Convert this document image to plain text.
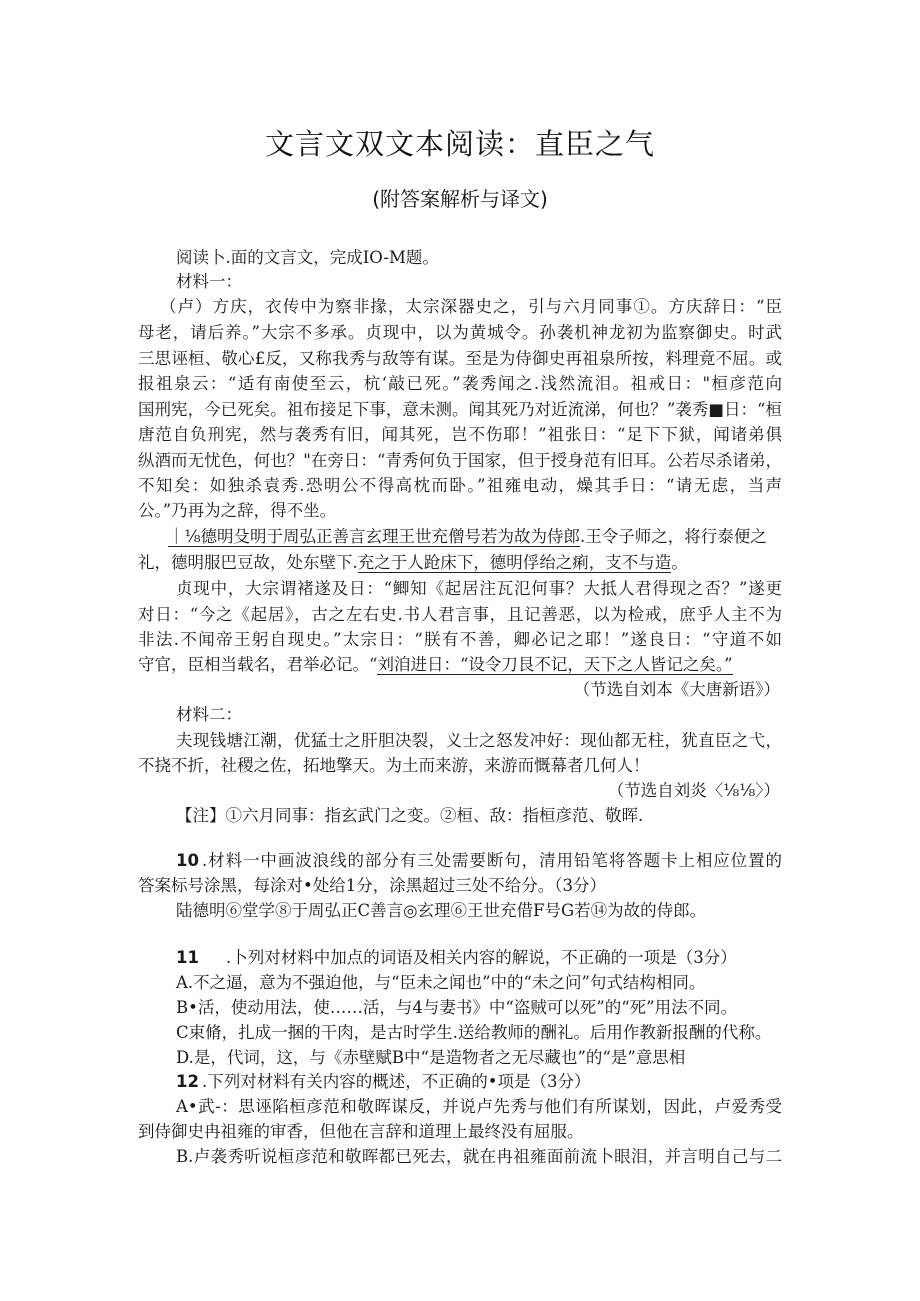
文言文双文本阅读：直臣之气
(附答案解析与译文)
阅读卜.面的文言文，完成IO-M题。
材料一：
（卢）方庆，衣传中为察非掾，太宗深器史之，引与六月同事①。方庆辞日：“臣
母老，请后养。”大宗不多承。贞现中，以为黄城令。孙袭机神龙初为监察御史。时武
三思诬桓、敬心£反，又称我秀与敌等有谋。至是为侍御史再祖泉所按，料理竟不屈。或
报祖泉云：“适有南使至云，杭‘敲已死。”袭秀闻之.浅然流泪。祖戒日："桓彦范向
国刑宪，今已死矣。祖布接足下事，意未测。闻其死乃对近流涕，何也？”袭秀■日：“桓
唐范自负刑宪，然与袭秀有旧，闻其死，岂不伤耶！”祖张日：“足下下狱，闻诸弟俱
纵酒而无忧色，何也？"在旁日：“青秀何负于国家，但于授身范有旧耳。公若尽杀诸弟，
不知矣：如独杀袁秀.恐明公不得高枕而卧。”祖雍电动，燥其手日：“请无虑，当声
公。”乃再为之辞，得不坐。
｜⅛德明殳明于周弘正善言玄理王世充僧号若为故为侍郎.王令子师之，将行泰便之
礼，德明服巴豆故，处东壁下.充之于人跄床下，德明俘绐之痢，支不与造。
贞现中，大宗谓褚遂及日：“鲫知《起居注瓦氾何事？大抵人君得现之否？”遂更
对日：“今之《起居》，古之左右史.书人君言事，且记善恶，以为检戒，庶乎人主不为
非法.不闻帝王躬自现史。”太宗日：“朕有不善，卿必记之耶！”遂良日：“守道不如
守官，臣相当载名，君举必记。“刘洎进日：“设令刀艮不记，天下之人皆记之矣。”
（节选自刘本《大唐新语》）
材料二：
夫现钱塘江潮，优猛士之肝胆决裂，义士之怒发冲好：现仙都无柱，犹直臣之弋，
不挠不折，社稷之佐，拓地擎天。为土而来游，来游而慨幕者几何人！
（节选自刘炎〈⅛⅛〉）
【注】①六月同事：指玄武门之变。②桓、敌：指桓彦范、敬晖.
10 .材料一中画波浪线的部分有三处需要断句，清用铅笔将答题卡上相应位置的
答案标号涂黑，每涂对•处给1分，涂黑超过三处不给分。（3分）
陆德明⑥堂学⑧于周弘正C善言◎玄理⑥王世充借F号G若⑭为故的侍郎。
11 .卜列对材料中加点的词语及相关内容的解说，不正确的一项是（3分）
A.不之逼，意为不强迫他，与“臣未之闻也”中的“未之问”句式结构相同。
B•活，使动用法，使……活，与4与妻书》中“盗贼可以死”的“死”用法不同。
C束脩，扎成一捆的干肉，是古时学生.送给教师的酬礼。后用作教新报酬的代称。
D.是，代词，这，与《赤壁赋B中“是造物者之无尽藏也”的“是”意思相
12 .下列对材料有关内容的概述，不正确的•项是（3分）
A•武-：思诬陷桓彦范和敬晖谋反，并说卢先秀与他们有所谋划，因此，卢爱秀受
到侍御史冉祖雍的审香，但他在言辞和道理上最终没有屈服。
B.卢袭秀听说桓彦范和敬晖都已死去，就在冉祖雍面前流卜眼泪，并言明自己与二
